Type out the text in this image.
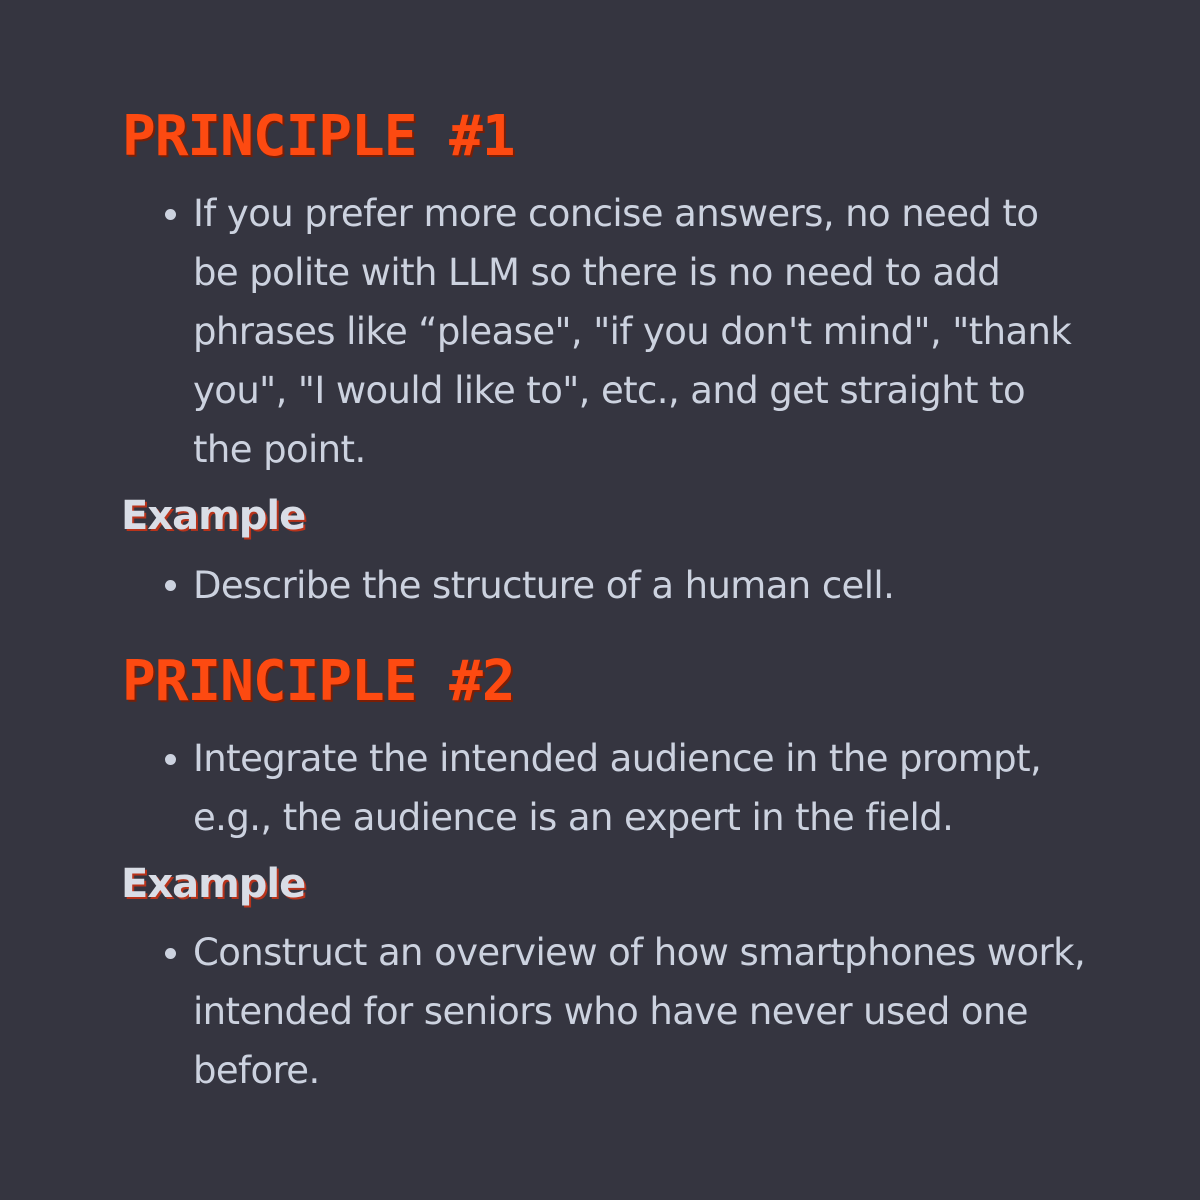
PRINCIPLE #1

If you prefer more concise answers, no need to be polite with LLM so there is no need to add phrases like “please", "if you don't mind", "thank you", "I would like to", etc., and get straight to the point.

Example

Describe the structure of a human cell.

PRINCIPLE #2

Integrate the intended audience in the prompt, e.g., the audience is an expert in the field.

Example

Construct an overview of how smartphones work, intended for seniors who have never used one before.
